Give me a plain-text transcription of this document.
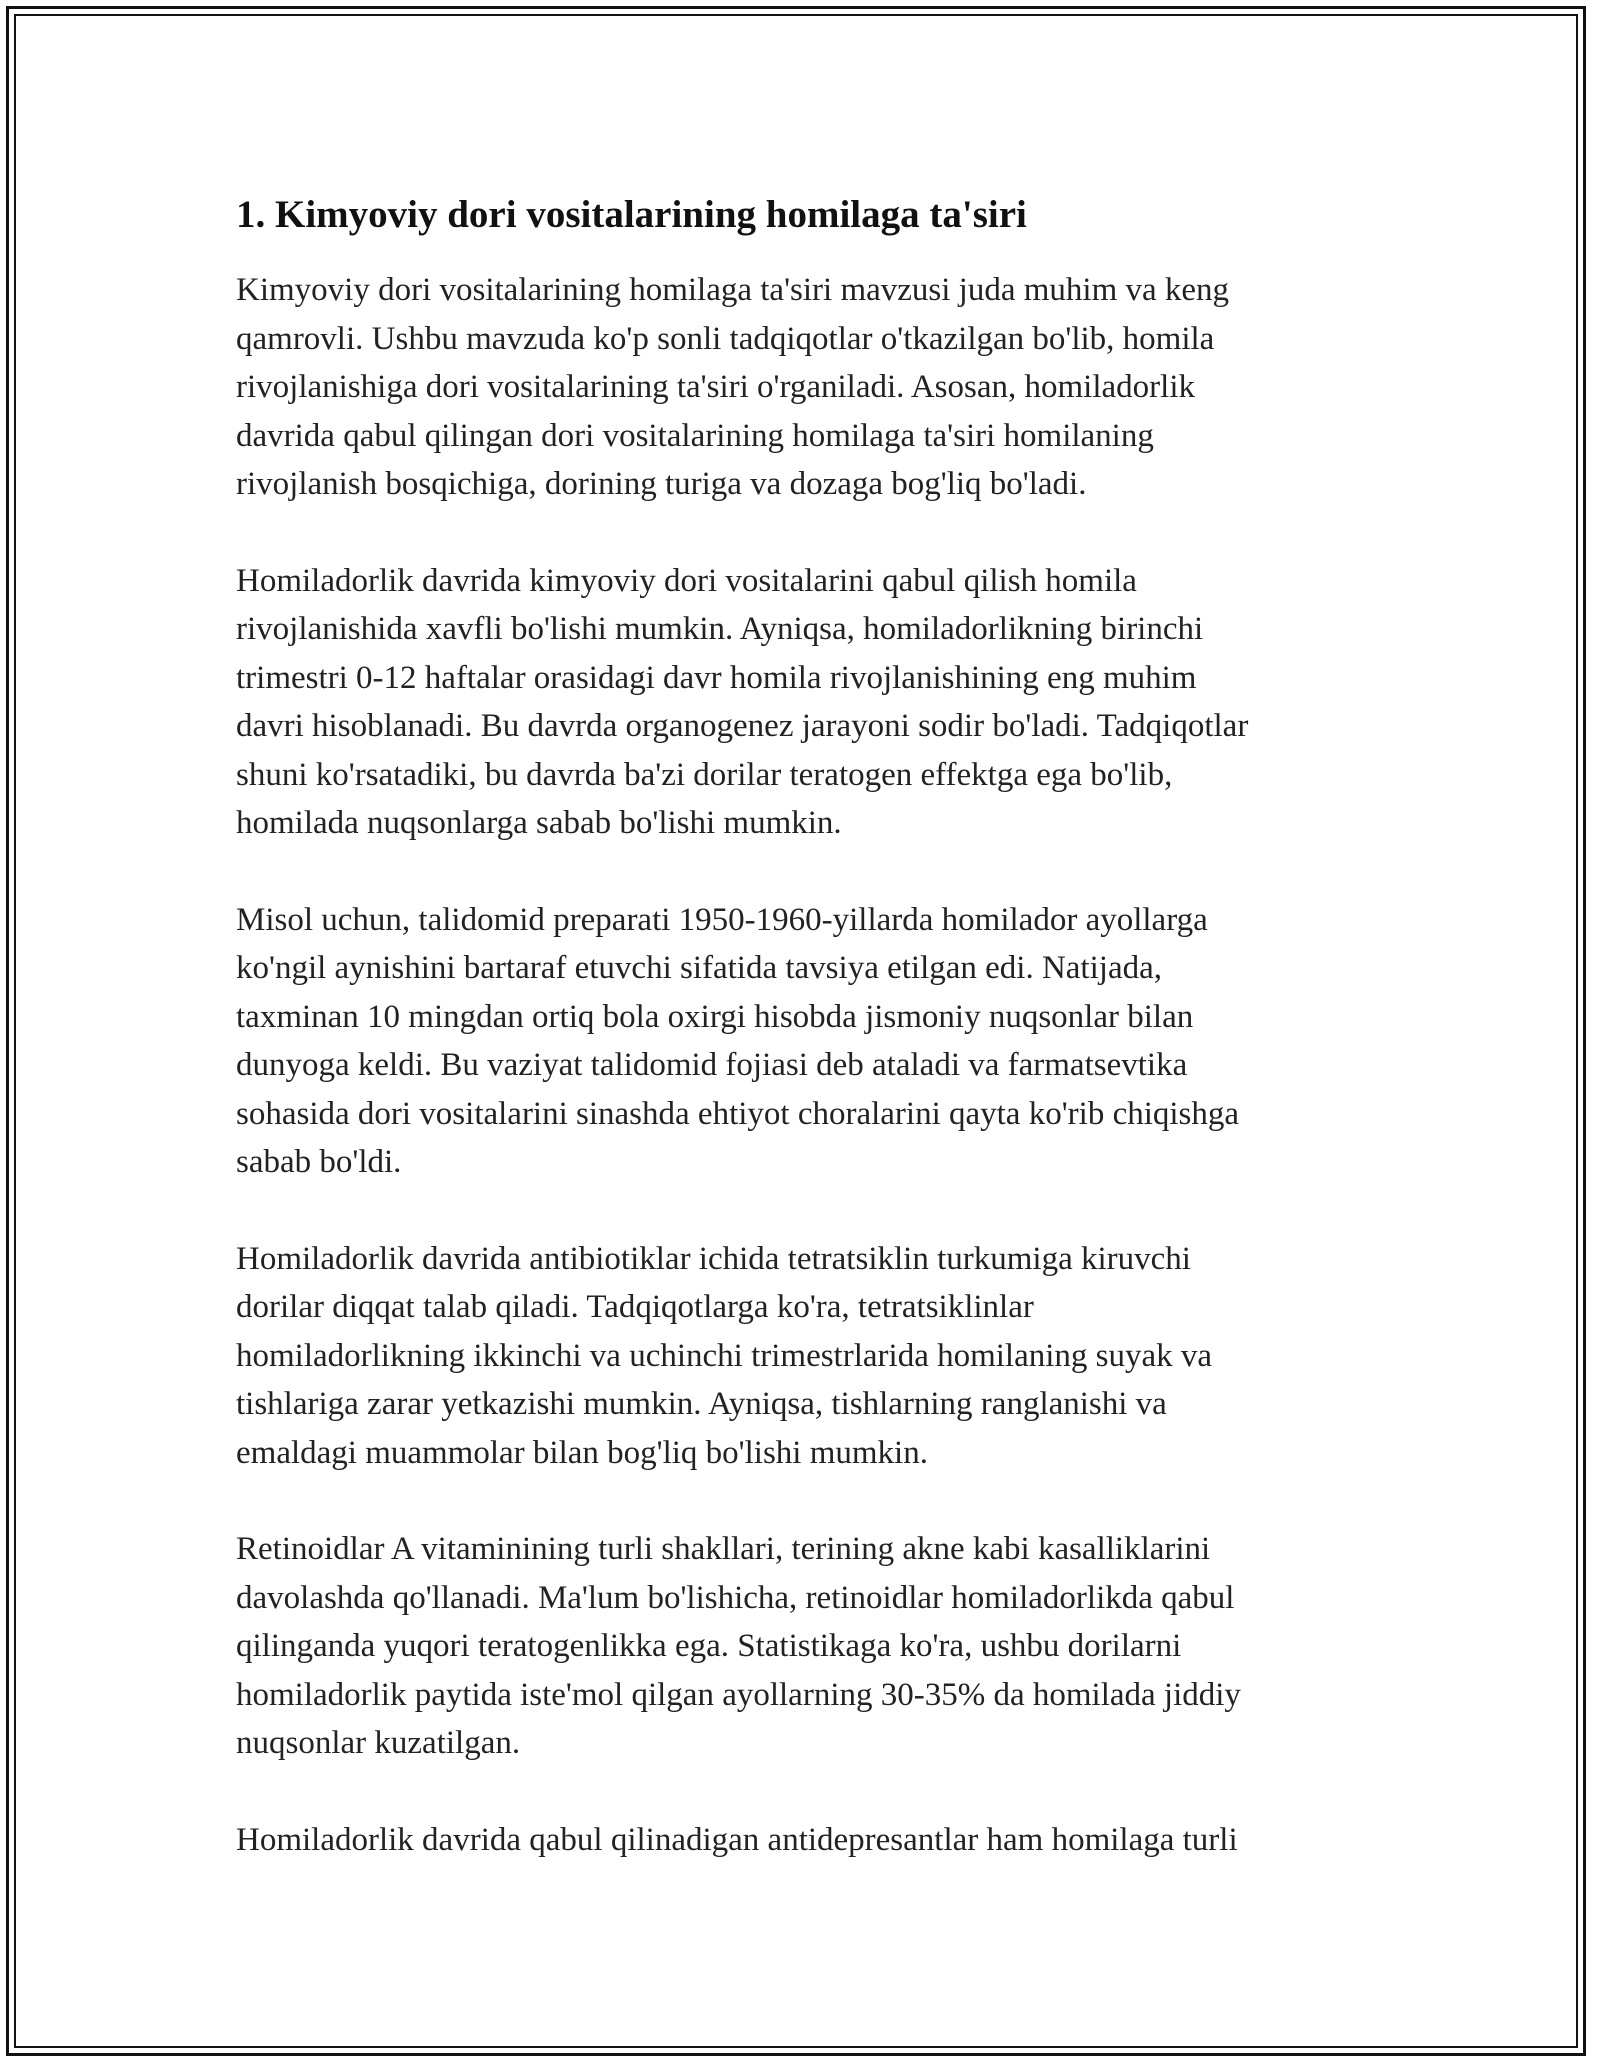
1. Kimyoviy dori vositalarining homilaga ta'siri

Kimyoviy dori vositalarining homilaga ta'siri mavzusi juda muhim va keng
qamrovli. Ushbu mavzuda ko'p sonli tadqiqotlar o'tkazilgan bo'lib, homila
rivojlanishiga dori vositalarining ta'siri o'rganiladi. Asosan, homiladorlik
davrida qabul qilingan dori vositalarining homilaga ta'siri homilaning
rivojlanish bosqichiga, dorining turiga va dozaga bog'liq bo'ladi.

Homiladorlik davrida kimyoviy dori vositalarini qabul qilish homila
rivojlanishida xavfli bo'lishi mumkin. Ayniqsa, homiladorlikning birinchi
trimestri 0-12 haftalar orasidagi davr homila rivojlanishining eng muhim
davri hisoblanadi. Bu davrda organogenez jarayoni sodir bo'ladi. Tadqiqotlar
shuni ko'rsatadiki, bu davrda ba'zi dorilar teratogen effektga ega bo'lib,
homilada nuqsonlarga sabab bo'lishi mumkin.

Misol uchun, talidomid preparati 1950-1960-yillarda homilador ayollarga
ko'ngil aynishini bartaraf etuvchi sifatida tavsiya etilgan edi. Natijada,
taxminan 10 mingdan ortiq bola oxirgi hisobda jismoniy nuqsonlar bilan
dunyoga keldi. Bu vaziyat talidomid fojiasi deb ataladi va farmatsevtika
sohasida dori vositalarini sinashda ehtiyot choralarini qayta ko'rib chiqishga
sabab bo'ldi.

Homiladorlik davrida antibiotiklar ichida tetratsiklin turkumiga kiruvchi
dorilar diqqat talab qiladi. Tadqiqotlarga ko'ra, tetratsiklinlar
homiladorlikning ikkinchi va uchinchi trimestrlarida homilaning suyak va
tishlariga zarar yetkazishi mumkin. Ayniqsa, tishlarning ranglanishi va
emaldagi muammolar bilan bog'liq bo'lishi mumkin.

Retinoidlar A vitaminining turli shakllari, terining akne kabi kasalliklarini
davolashda qo'llanadi. Ma'lum bo'lishicha, retinoidlar homiladorlikda qabul
qilinganda yuqori teratogenlikka ega. Statistikaga ko'ra, ushbu dorilarni
homiladorlik paytida iste'mol qilgan ayollarning 30-35% da homilada jiddiy
nuqsonlar kuzatilgan.

Homiladorlik davrida qabul qilinadigan antidepresantlar ham homilaga turli
